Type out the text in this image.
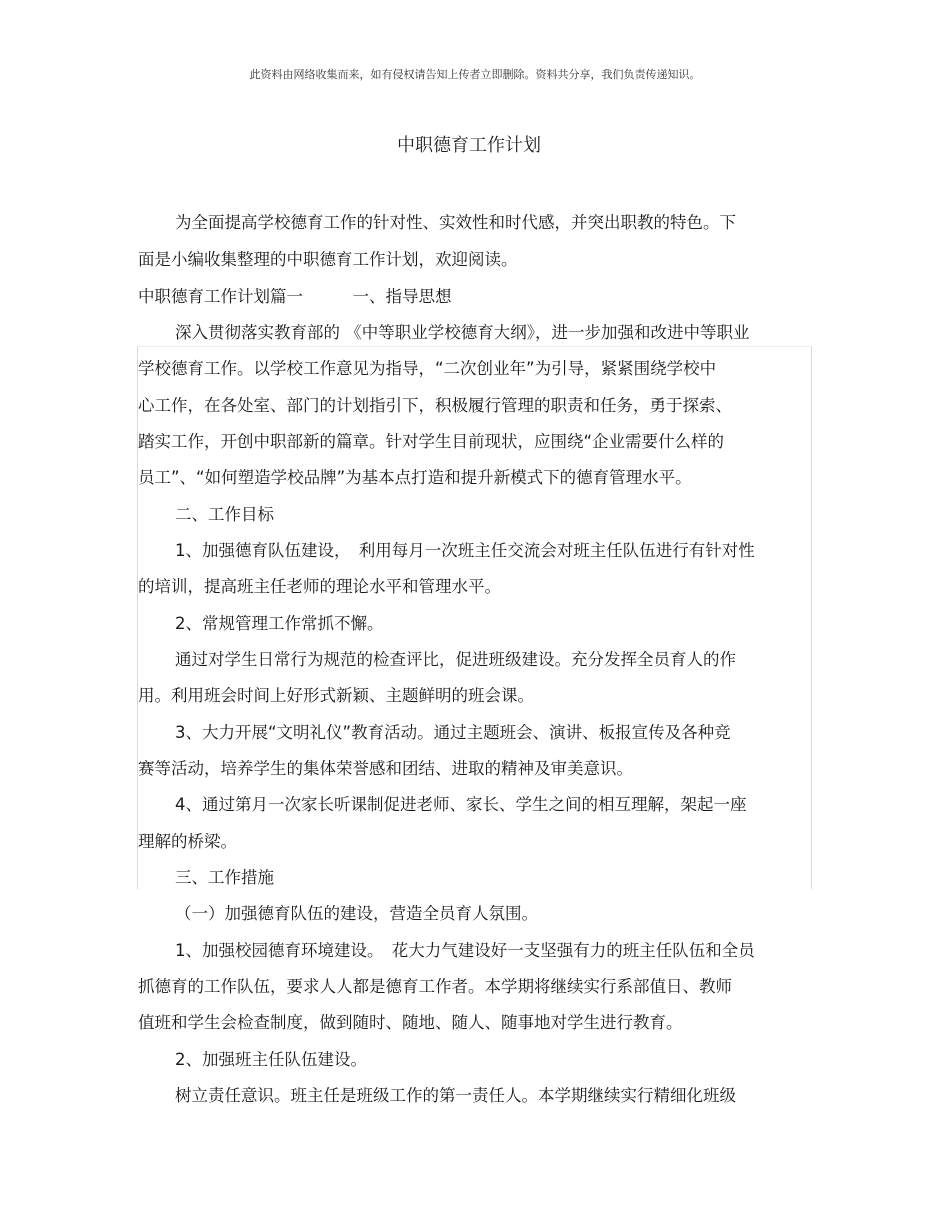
此资料由网络收集而来，如有侵权请告知上传者立即删除。资料共分享，我们负责传递知识。
中职德育工作计划
为全面提高学校德育工作的针对性、实效性和时代感，并突出职教的特色。下
面是小编收集整理的中职德育工作计划，欢迎阅读。
中职德育工作计划篇一　　　一、指导思想
深入贯彻落实教育部的 《中等职业学校德育大纲》，进一步加强和改进中等职业
学校德育工作。以学校工作意见为指导，“二次创业年”为引导，紧紧围绕学校中
心工作，在各处室、部门的计划指引下，积极履行管理的职责和任务，勇于探索、
踏实工作，开创中职部新的篇章。针对学生目前现状，应围绕“企业需要什么样的
员工”、“如何塑造学校品牌”为基本点打造和提升新模式下的德育管理水平。
二、工作目标
1、加强德育队伍建设，　利用每月一次班主任交流会对班主任队伍进行有针对性
的培训，提高班主任老师的理论水平和管理水平。
2、常规管理工作常抓不懈。
通过对学生日常行为规范的检查评比，促进班级建设。充分发挥全员育人的作
用。利用班会时间上好形式新颖、主题鲜明的班会课。
3、大力开展“文明礼仪”教育活动。通过主题班会、演讲、板报宣传及各种竞
赛等活动，培养学生的集体荣誉感和团结、进取的精神及审美意识。
4、通过第月一次家长听课制促进老师、家长、学生之间的相互理解，架起一座
理解的桥梁。
三、工作措施
（一）加强德育队伍的建设，营造全员育人氛围。
1、加强校园德育环境建设。　花大力气建设好一支坚强有力的班主任队伍和全员
抓德育的工作队伍，要求人人都是德育工作者。本学期将继续实行系部值日、教师
值班和学生会检查制度，做到随时、随地、随人、随事地对学生进行教育。
2、加强班主任队伍建设。
树立责任意识。班主任是班级工作的第一责任人。本学期继续实行精细化班级
